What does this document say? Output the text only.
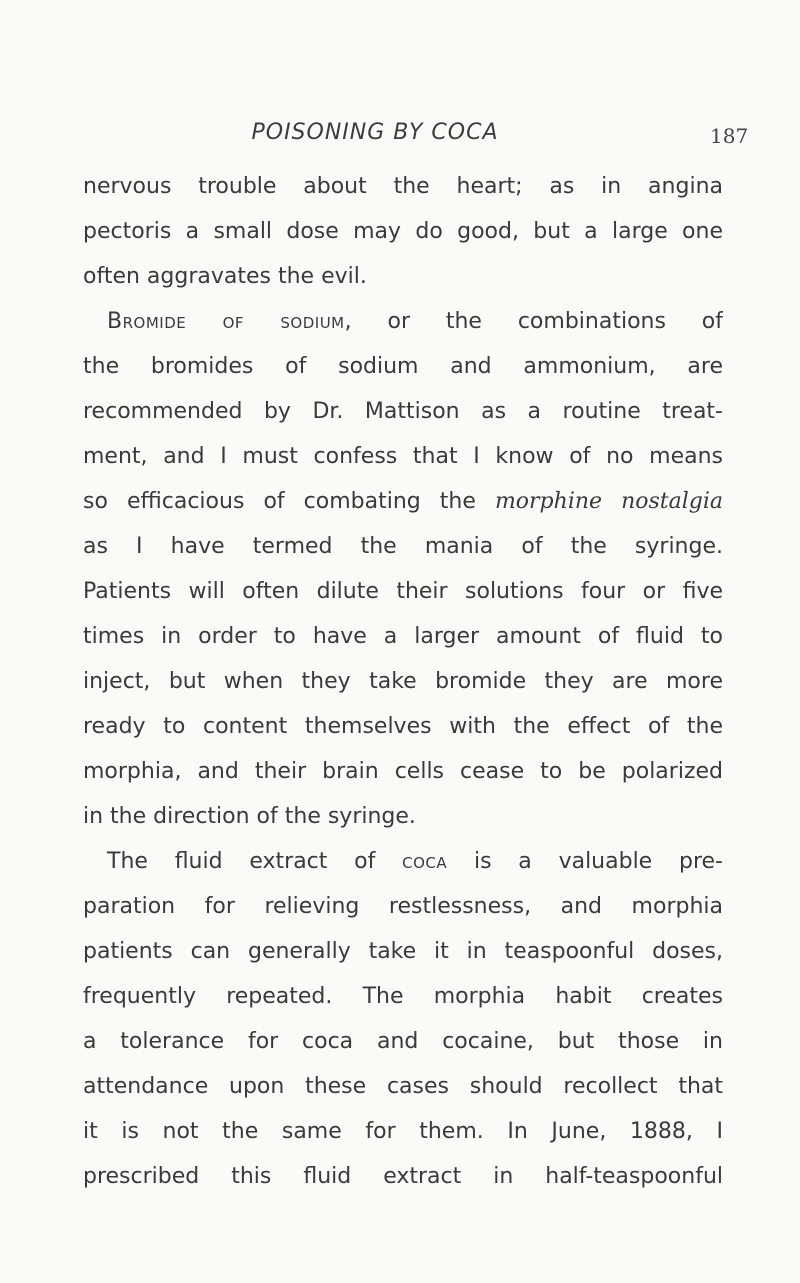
POISONING BY COCA	187
nervous trouble about the heart; as in angina
pectoris a small dose may do good, but a large one
often aggravates the evil.
Bromide of sodium, or the combinations of
the bromides of sodium and ammonium, are
recommended by Dr. Mattison as a routine treat-
ment, and I must confess that I know of no means
so efficacious of combating the morphine nostalgia
as I have termed the mania of the syringe.
Patients will often dilute their solutions four or five
times in order to have a larger amount of fluid to
inject, but when they take bromide they are more
ready to content themselves with the effect of the
morphia, and their brain cells cease to be polarized
in the direction of the syringe.
The fluid extract of coca is a valuable pre-
paration for relieving restlessness, and morphia
patients can generally take it in teaspoonful doses,
frequently repeated. The morphia habit creates
a tolerance for coca and cocaine, but those in
attendance upon these cases should recollect that
it is not the same for them. In June, 1888, I
prescribed this fluid extract in half-teaspoonful
